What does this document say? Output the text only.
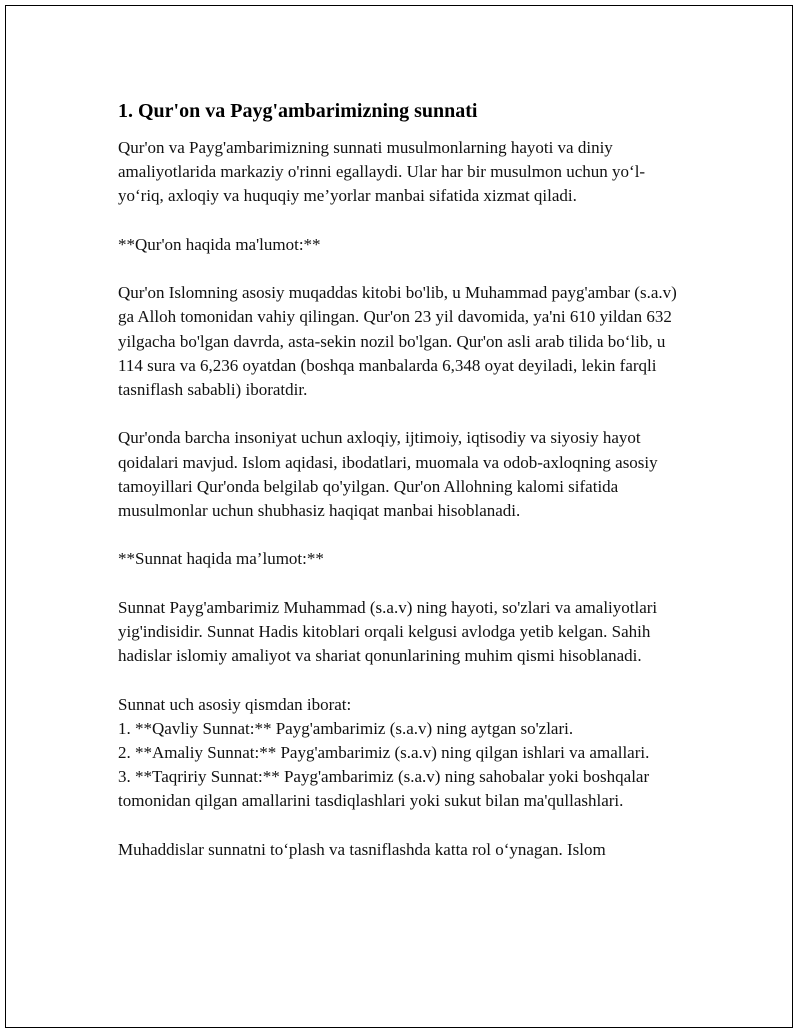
1. Qur'on va Payg'ambarimizning sunnati

Qur'on va Payg'ambarimizning sunnati musulmonlarning hayoti va diniy amaliyotlarida markaziy o'rinni egallaydi. Ular har bir musulmon uchun yo‘l-yo‘riq, axloqiy va huquqiy me’yorlar manbai sifatida xizmat qiladi.

**Qur'on haqida ma'lumot:**

Qur'on Islomning asosiy muqaddas kitobi bo'lib, u Muhammad payg'ambar (s.a.v) ga Alloh tomonidan vahiy qilingan. Qur'on 23 yil davomida, ya'ni 610 yildan 632 yilgacha bo'lgan davrda, asta-sekin nozil bo'lgan. Qur'on asli arab tilida bo‘lib, u 114 sura va 6,236 oyatdan (boshqa manbalarda 6,348 oyat deyiladi, lekin farqli tasniflash sababli) iboratdir.

Qur'onda barcha insoniyat uchun axloqiy, ijtimoiy, iqtisodiy va siyosiy hayot qoidalari mavjud. Islom aqidasi, ibodatlari, muomala va odob-axloqning asosiy tamoyillari Qur'onda belgilab qo'yilgan. Qur'on Allohning kalomi sifatida musulmonlar uchun shubhasiz haqiqat manbai hisoblanadi.

**Sunnat haqida ma’lumot:**

Sunnat Payg'ambarimiz Muhammad (s.a.v) ning hayoti, so'zlari va amaliyotlari yig'indisidir. Sunnat Hadis kitoblari orqali kelgusi avlodga yetib kelgan. Sahih hadislar islomiy amaliyot va shariat qonunlarining muhim qismi hisoblanadi.

Sunnat uch asosiy qismdan iborat:

1. **Qavliy Sunnat:** Payg'ambarimiz (s.a.v) ning aytgan so'zlari.
2. **Amaliy Sunnat:** Payg'ambarimiz (s.a.v) ning qilgan ishlari va amallari.
3. **Taqririy Sunnat:** Payg'ambarimiz (s.a.v) ning sahobalar yoki boshqalar tomonidan qilgan amallarini tasdiqlashlari yoki sukut bilan ma'qullashlari.

Muhaddislar sunnatni to‘plash va tasniflashda katta rol o‘ynagan. Islom
